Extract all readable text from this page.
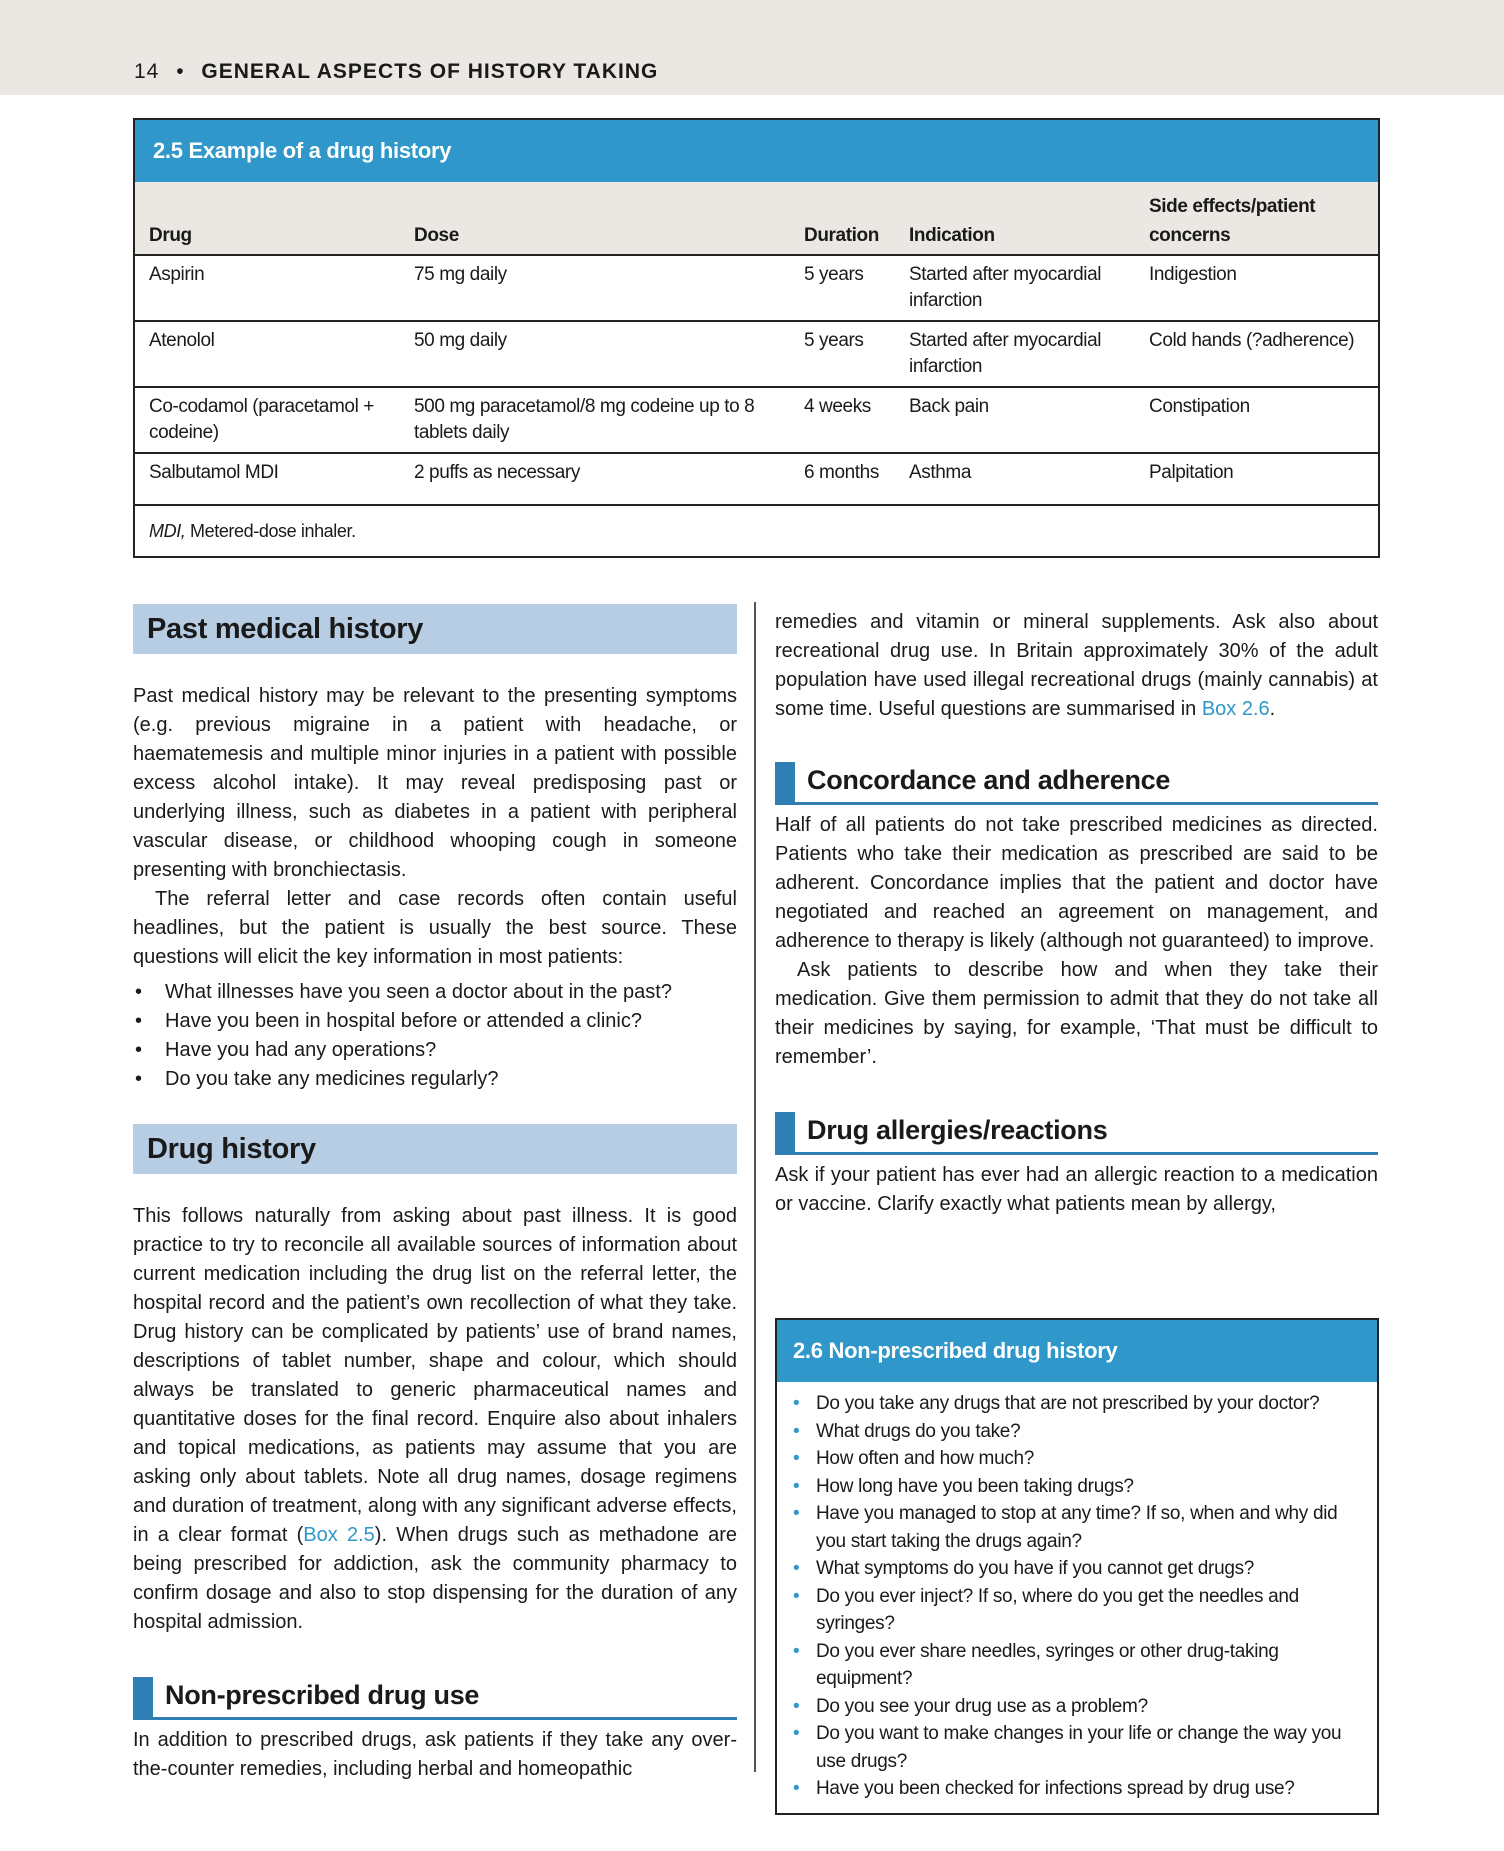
14 • GENERAL ASPECTS OF HISTORY TAKING
2.5 Example of a drug history
Drug	Dose	Duration	Indication	Side effects/patient concerns
Aspirin	75 mg daily	5 years	Started after myocardial infarction	Indigestion
Atenolol	50 mg daily	5 years	Started after myocardial infarction	Cold hands (?adherence)
Co-codamol (paracetamol + codeine)	500 mg paracetamol/8 mg codeine up to 8 tablets daily	4 weeks	Back pain	Constipation
Salbutamol MDI	2 puffs as necessary	6 months	Asthma	Palpitation
MDI, Metered-dose inhaler.				
Past medical history

Past medical history may be relevant to the presenting symptoms (e.g. previous migraine in a patient with headache, or haematemesis and multiple minor injuries in a patient with possible excess alcohol intake). It may reveal predisposing past or underlying illness, such as diabetes in a patient with peripheral vascular disease, or childhood whooping cough in someone presenting with bronchiectasis.

The referral letter and case records often contain useful headlines, but the patient is usually the best source. These questions will elicit the key information in most patients:

• What illnesses have you seen a doctor about in the past?
• Have you been in hospital before or attended a clinic?
• Have you had any operations?
• Do you take any medicines regularly?
Drug history

This follows naturally from asking about past illness. It is good practice to try to reconcile all available sources of information about current medication including the drug list on the referral letter, the hospital record and the patient’s own recollection of what they take. Drug history can be complicated by patients’ use of brand names, descriptions of tablet number, shape and colour, which should always be translated to generic pharmaceutical names and quantitative doses for the final record. Enquire also about inhalers and topical medications, as patients may assume that you are asking only about tablets. Note all drug names, dosage regimens and duration of treatment, along with any significant adverse effects, in a clear format (Box 2.5). When drugs such as methadone are being prescribed for addiction, ask the community pharmacy to confirm dosage and also to stop dispensing for the duration of any hospital admission.

Non-prescribed drug use

In addition to prescribed drugs, ask patients if they take any over-the-counter remedies, including herbal and homeopathic

remedies and vitamin or mineral supplements. Ask also about recreational drug use. In Britain approximately 30% of the adult population have used illegal recreational drugs (mainly cannabis) at some time. Useful questions are summarised in Box 2.6.

Concordance and adherence

Half of all patients do not take prescribed medicines as directed. Patients who take their medication as prescribed are said to be adherent. Concordance implies that the patient and doctor have negotiated and reached an agreement on management, and adherence to therapy is likely (although not guaranteed) to improve.

Ask patients to describe how and when they take their medication. Give them permission to admit that they do not take all their medicines by saying, for example, ‘That must be difficult to remember’.

Drug allergies/reactions

Ask if your patient has ever had an allergic reaction to a medication or vaccine. Clarify exactly what patients mean by allergy,

2.6 Non-prescribed drug history
• Do you take any drugs that are not prescribed by your doctor?
• What drugs do you take?
• How often and how much?
• How long have you been taking drugs?
• Have you managed to stop at any time? If so, when and why did you start taking the drugs again?
• What symptoms do you have if you cannot get drugs?
• Do you ever inject? If so, where do you get the needles and syringes?
• Do you ever share needles, syringes or other drug-taking equipment?
• Do you see your drug use as a problem?
• Do you want to make changes in your life or change the way you use drugs?
• Have you been checked for infections spread by drug use?
